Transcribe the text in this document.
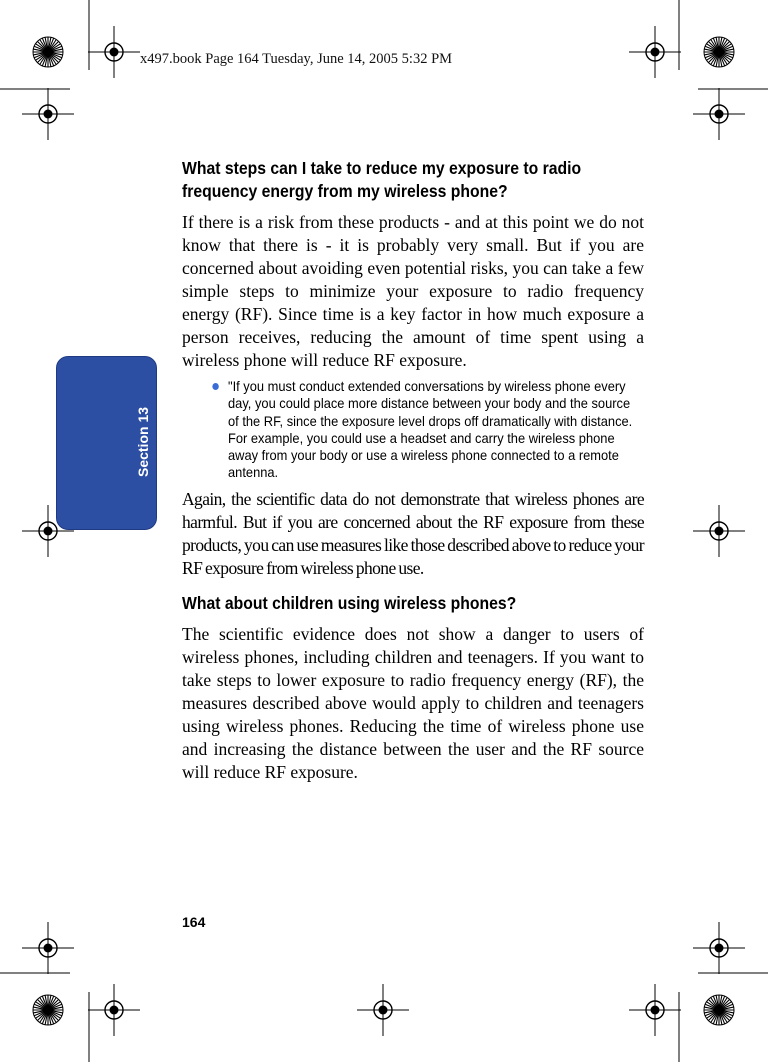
x497.book Page 164 Tuesday, June 14, 2005 5:32 PM
Section 13
What steps can I take to reduce my exposure to radio frequency energy from my wireless phone?

If there is a risk from these products - and at this point we do not know that there is - it is probably very small. But if you are concerned about avoiding even potential risks, you can take a few simple steps to minimize your exposure to radio frequency energy (RF). Since time is a key factor in how much exposure a person receives, reducing the amount of time spent using a wireless phone will reduce RF exposure.

"If you must conduct extended conversations by wireless phone every day, you could place more distance between your body and the source of the RF, since the exposure level drops off dramatically with distance. For example, you could use a headset and carry the wireless phone away from your body or use a wireless phone connected to a remote antenna.

Again, the scientific data do not demonstrate that wireless phones are harmful. But if you are concerned about the RF exposure from these products, you can use measures like those described above to reduce your RF exposure from wireless phone use.

What about children using wireless phones?

The scientific evidence does not show a danger to users of wireless phones, including children and teenagers. If you want to take steps to lower exposure to radio frequency energy (RF), the measures described above would apply to children and teenagers using wireless phones. Reducing the time of wireless phone use and increasing the distance between the user and the RF source will reduce RF exposure.

164
